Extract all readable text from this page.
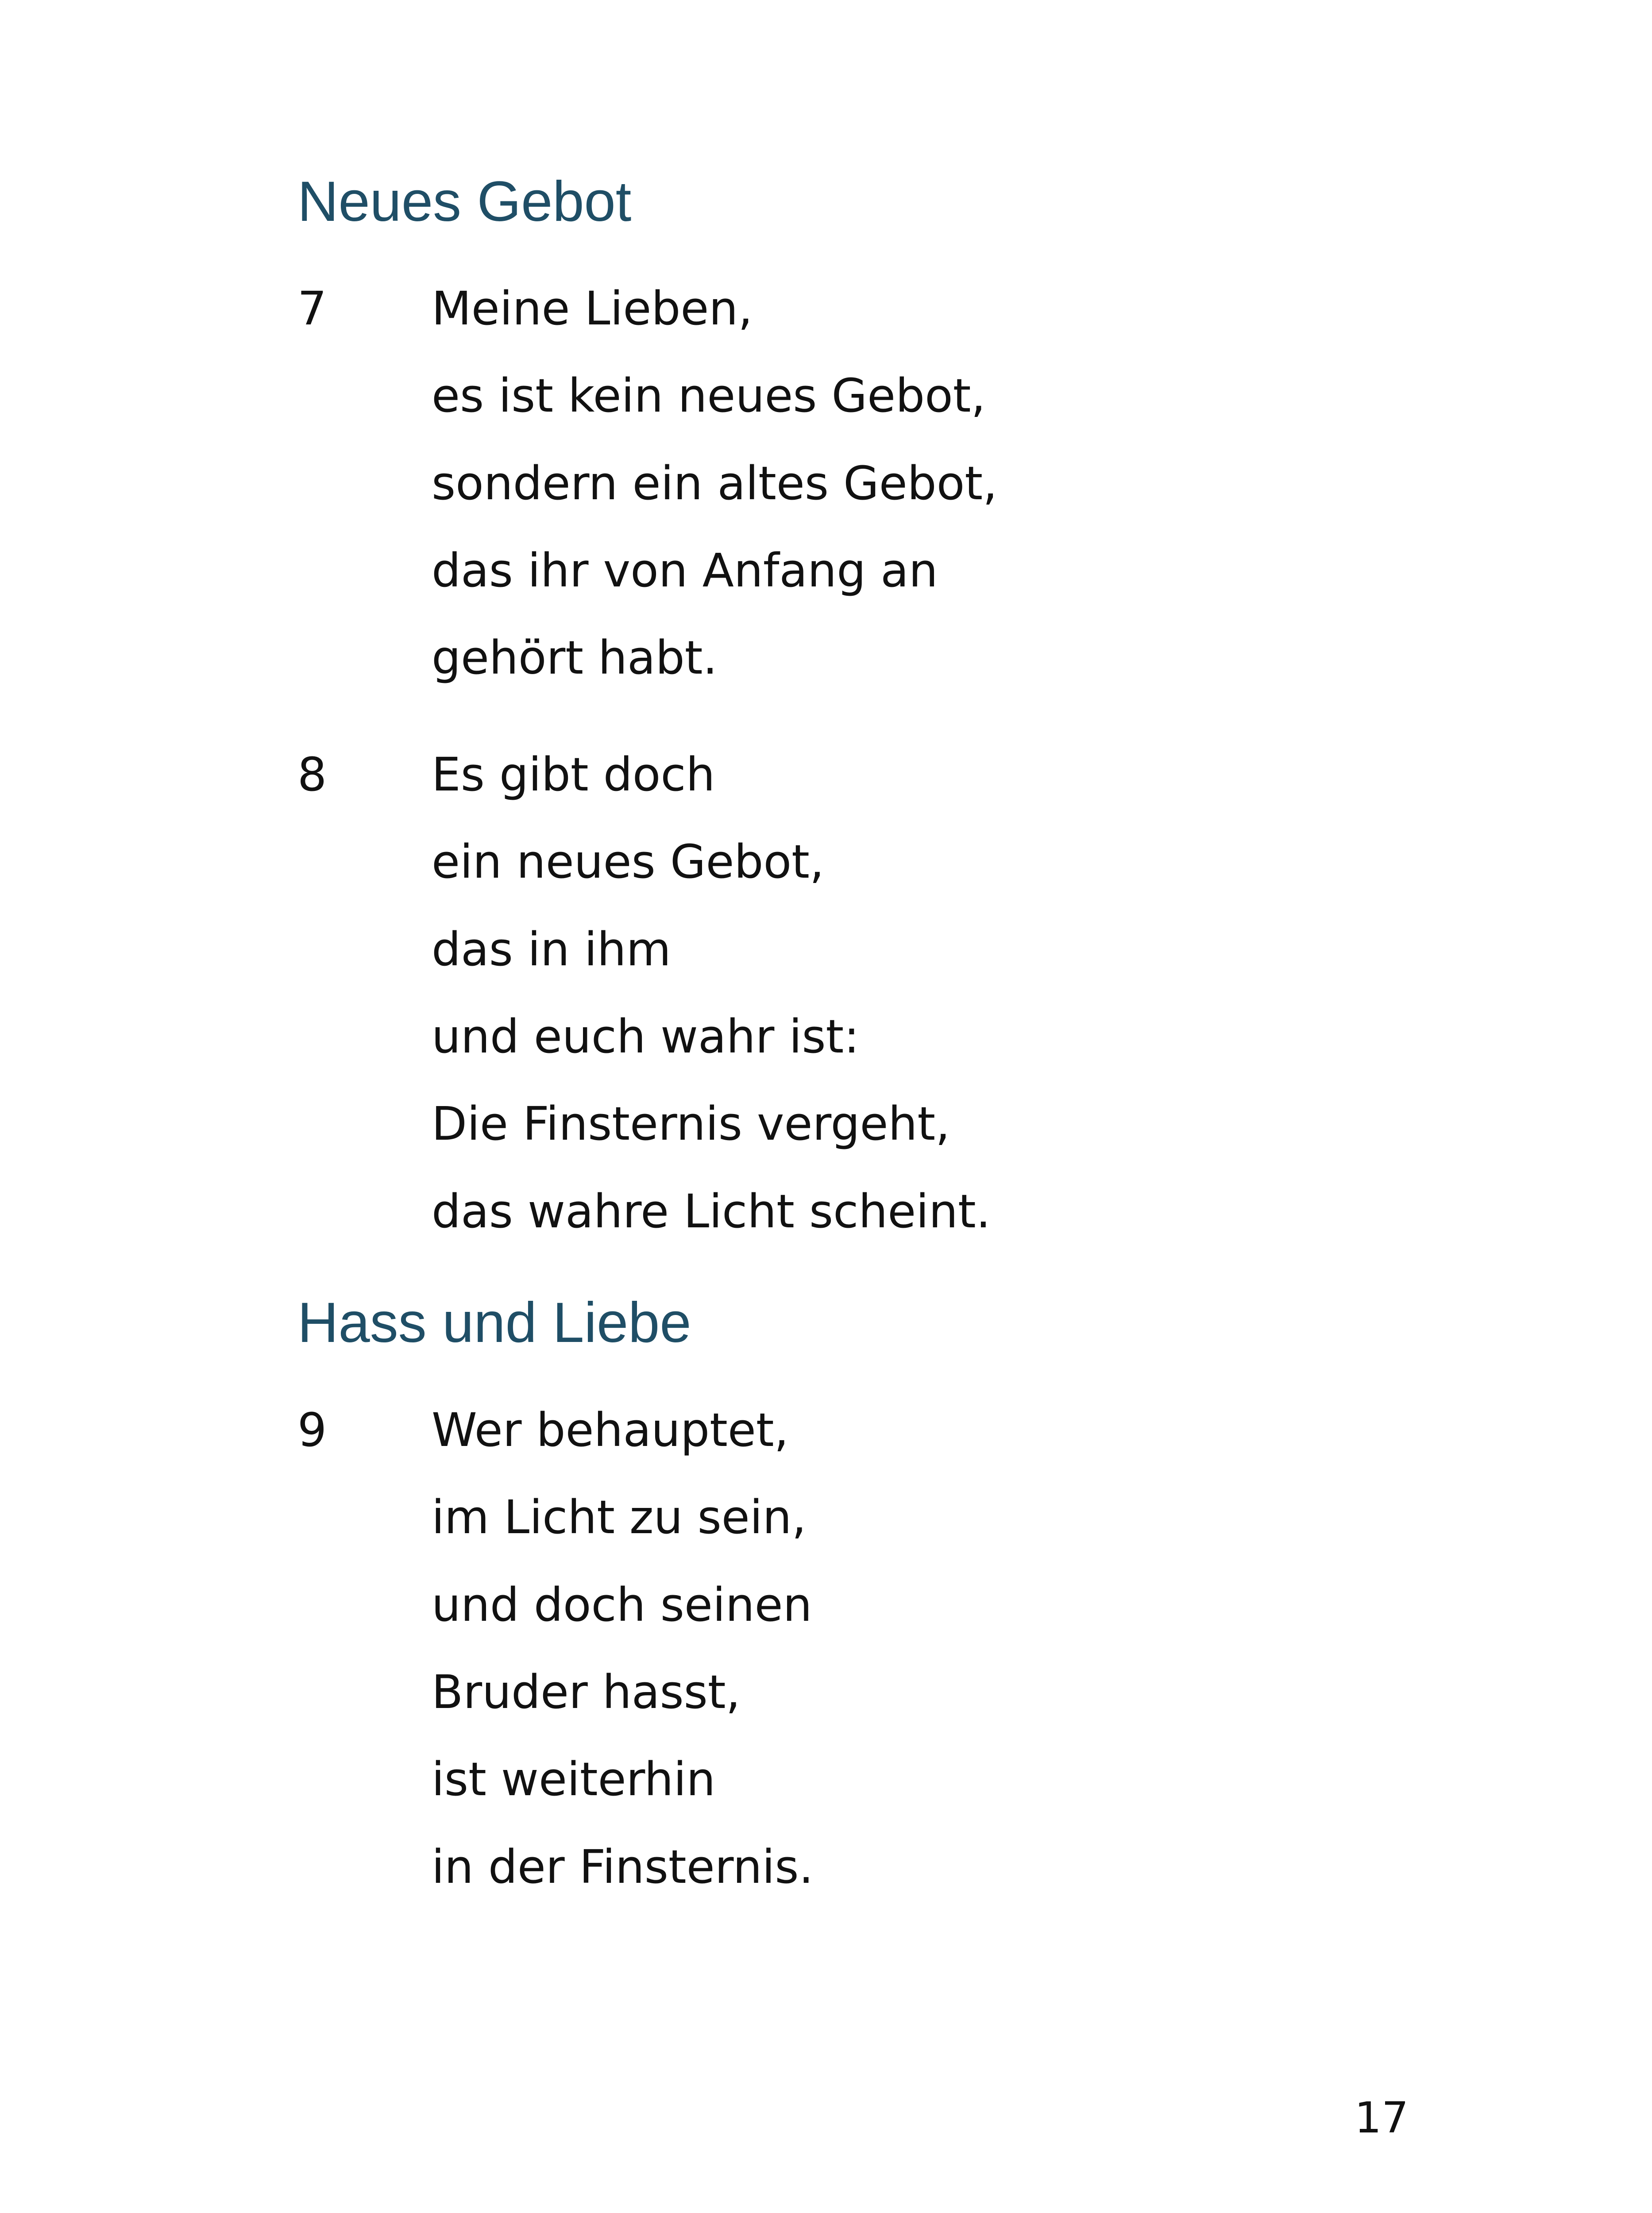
Neues Gebot
7 Meine Lieben,
es ist kein neues Gebot,
sondern ein altes Gebot,
das ihr von Anfang an
gehört habt.
8 Es gibt doch
ein neues Gebot,
das in ihm
und euch wahr ist:
Die Finsternis vergeht,
das wahre Licht scheint.
Hass und Liebe
9 Wer behauptet,
im Licht zu sein,
und doch seinen
Bruder hasst,
ist weiterhin
in der Finsternis.
17
